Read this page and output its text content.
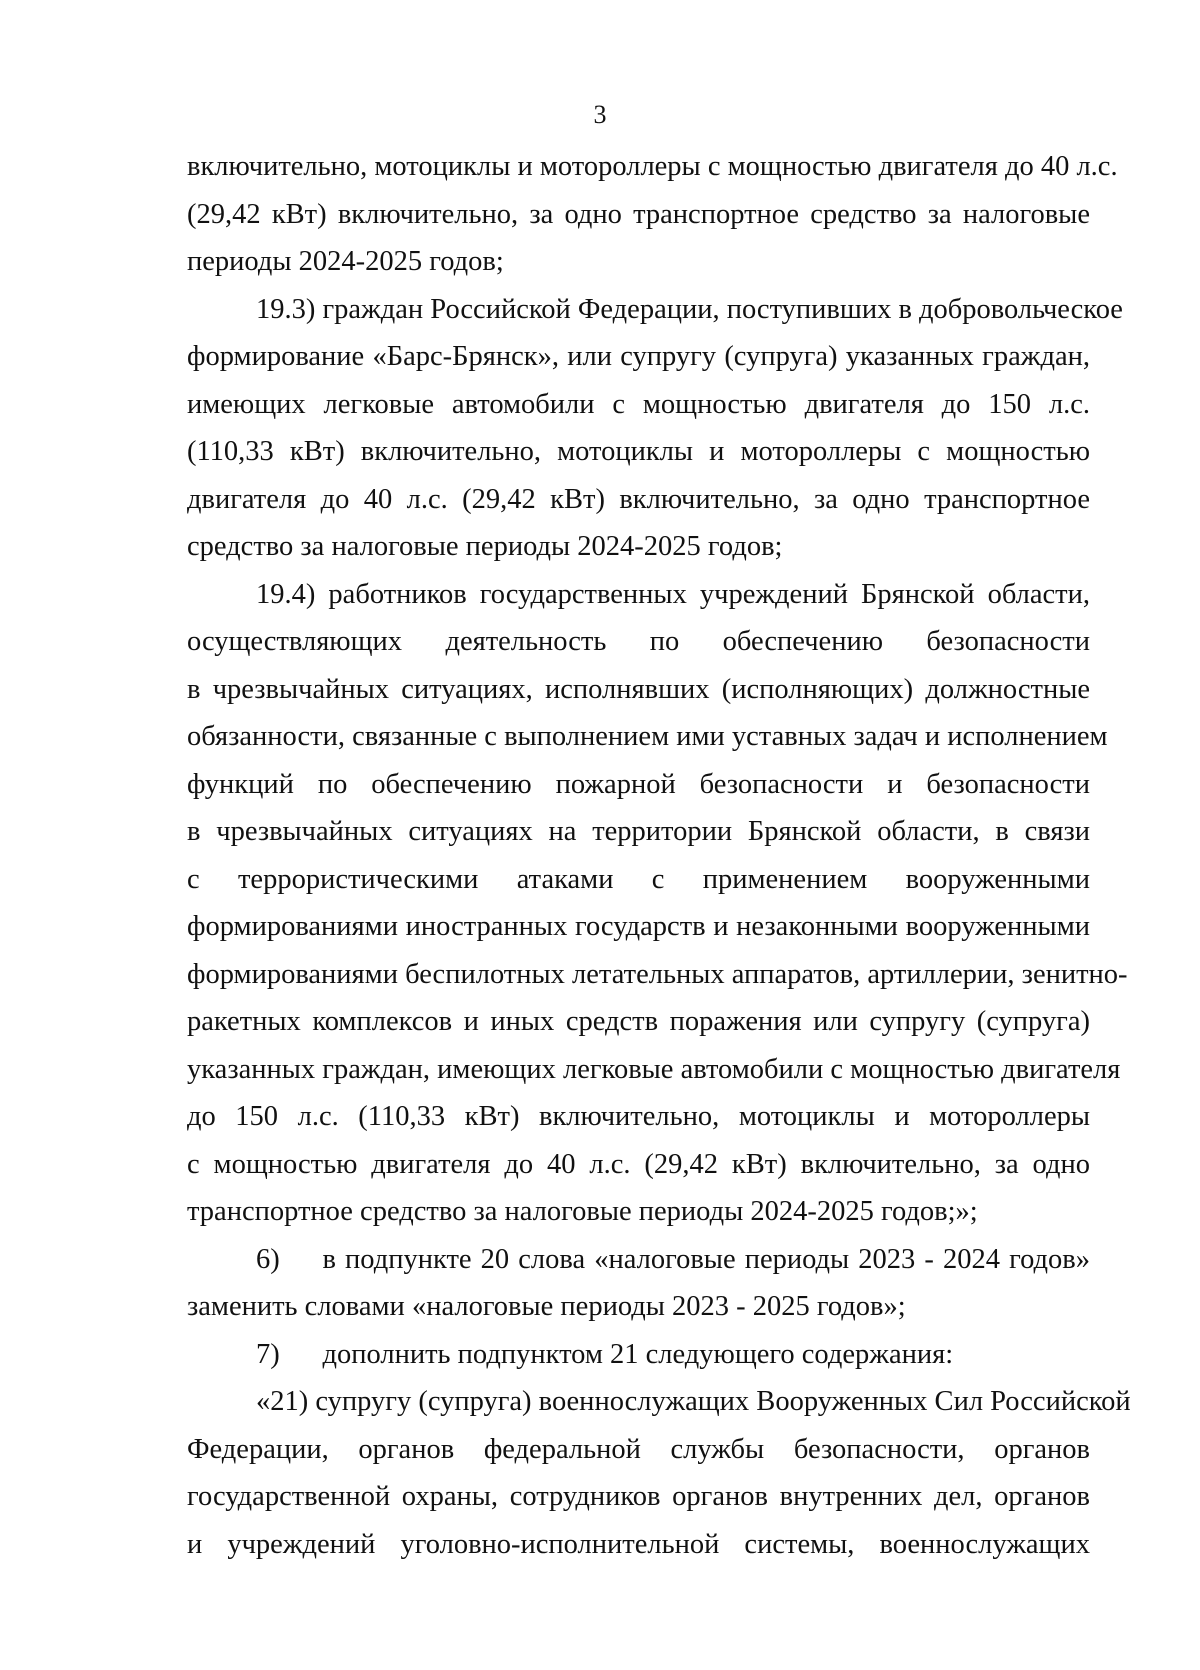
3
включительно, мотоциклы и мотороллеры с мощностью двигателя до 40 л.с.
(29,42 кВт) включительно, за одно транспортное средство за налоговые
периоды 2024-2025 годов;
19.3) граждан Российской Федерации, поступивших в добровольческое
формирование «Барс-Брянск», или супругу (супруга) указанных граждан,
имеющих легковые автомобили с мощностью двигателя до 150 л.с.
(110,33 кВт) включительно, мотоциклы и мотороллеры с мощностью
двигателя до 40 л.с. (29,42 кВт) включительно, за одно транспортное
средство за налоговые периоды 2024-2025 годов;
19.4) работников государственных учреждений Брянской области,
осуществляющих деятельность по обеспечению безопасности
в чрезвычайных ситуациях, исполнявших (исполняющих) должностные
обязанности, связанные с выполнением ими уставных задач и исполнением
функций по обеспечению пожарной безопасности и безопасности
в чрезвычайных ситуациях на территории Брянской области, в связи
с террористическими атаками с применением вооруженными
формированиями иностранных государств и незаконными вооруженными
формированиями беспилотных летательных аппаратов, артиллерии, зенитно-
ракетных комплексов и иных средств поражения или супругу (супруга)
указанных граждан, имеющих легковые автомобили с мощностью двигателя
до 150 л.с. (110,33 кВт) включительно, мотоциклы и мотороллеры
с мощностью двигателя до 40 л.с. (29,42 кВт) включительно, за одно
транспортное средство за налоговые периоды 2024-2025 годов;»;
6)  в подпункте 20 слова «налоговые периоды 2023 - 2024 годов»
заменить словами «налоговые периоды 2023 - 2025 годов»;
7)  дополнить подпунктом 21 следующего содержания:
«21) супругу (супруга) военнослужащих Вооруженных Сил Российской
Федерации, органов федеральной службы безопасности, органов
государственной охраны, сотрудников органов внутренних дел, органов
и учреждений уголовно-исполнительной системы, военнослужащих
